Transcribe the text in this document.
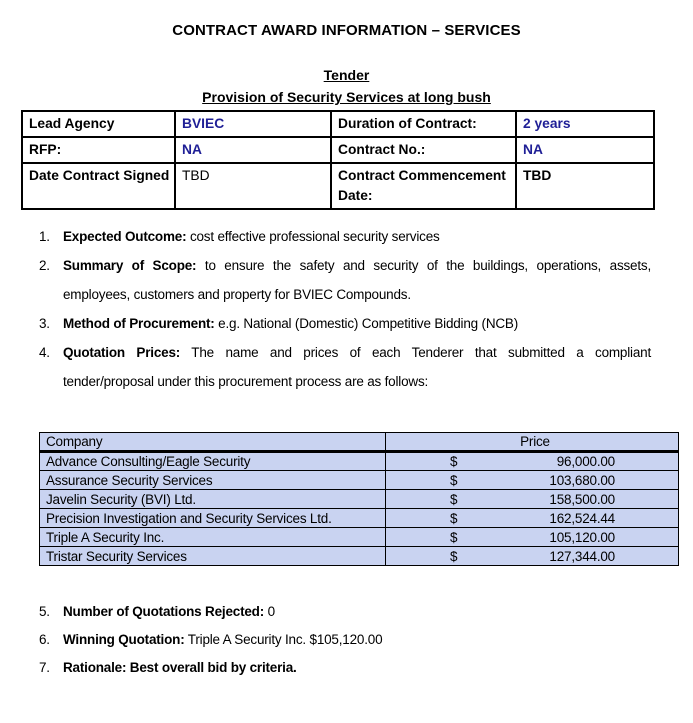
CONTRACT AWARD INFORMATION – SERVICES
Tender
Provision of Security Services at long bush
Lead Agency	BVIEC	Duration of Contract:	2 years
RFP:	NA	Contract No.:	NA
Date Contract Signed	TBD	Contract Commencement Date:	TBD
1. Expected Outcome: cost effective professional security services
2. Summary of Scope: to ensure the safety and security of the buildings, operations, assets,
employees, customers and property for BVIEC Compounds.
3. Method of Procurement: e.g. National (Domestic) Competitive Bidding (NCB)
4. Quotation Prices: The name and prices of each Tenderer that submitted a compliant
tender/proposal under this procurement process are as follows:
Company	Price
Advance Consulting/Eagle Security	$ 96,000.00

Assurance Security Services	$ 103,680.00

Javelin Security (BVI) Ltd.	$ 158,500.00

Precision Investigation and Security Services Ltd.	$ 162,524.44

Triple A Security Inc.	$ 105,120.00

Tristar Security Services	$ 127,344.00
5. Number of Quotations Rejected: 0
6. Winning Quotation: Triple A Security Inc. $105,120.00
7. Rationale: Best overall bid by criteria.
